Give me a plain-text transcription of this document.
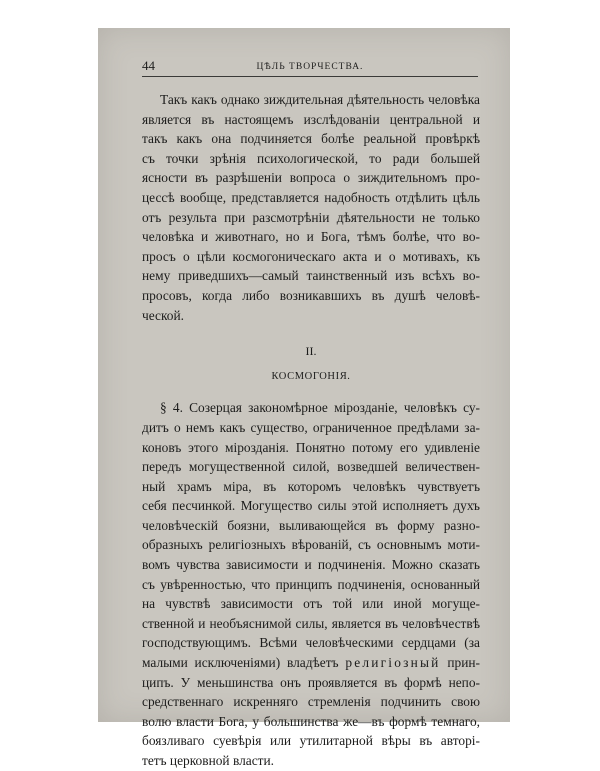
44	ЦѢЛЬ ТВОРЧЕСТВА.
Такъ какъ однако зиждительная дѣятельность человѣка
является въ настоящемъ изслѣдованіи центральной и
такъ какъ она подчиняется болѣе реальной провѣркѣ
съ точки зрѣнія психологической, то ради большей
ясности въ разрѣшеніи вопроса о зиждительномъ про-
цессѣ вообще, представляется надобность отдѣлить цѣль
отъ результа при разсмотрѣніи дѣятельности не только
человѣка и животнаго, но и Бога, тѣмъ болѣе, что во-
просъ о цѣли космогоническаго акта и о мотивахъ, къ
нему приведшихъ—самый таинственный изъ всѣхъ во-
просовъ, когда либо возникавшихъ въ душѣ человѣ-
ческой.
II.
КОСМОГОНІЯ.
§ 4. Созерцая закономѣрное мірозданіе, человѣкъ су-
дитъ о немъ какъ существо, ограниченное предѣлами за-
коновъ этого мірозданія. Понятно потому его удивленіе
передъ могущественной силой, возведшей величествен-
ный храмъ міра, въ которомъ человѣкъ чувствуетъ
себя песчинкой. Могущество силы этой исполняетъ духъ
человѣческій боязни, выливающейся въ форму разно-
образныхъ религіозныхъ вѣрованій, съ основнымъ моти-
вомъ чувства зависимости и подчиненія. Можно сказать
съ увѣренностью, что принципъ подчиненія, основанный
на чувствѣ зависимости отъ той или иной могуще-
ственной и необъяснимой силы, является въ человѣчествѣ
господствующимъ. Всѣми человѣческими сердцами (за
малыми исключеніями) владѣетъ религіозный прин-
ципъ. У меньшинства онъ проявляется въ формѣ непо-
средственнаго искренняго стремленія подчинить свою
волю власти Бога, у большинства же—въ формѣ темнаго,
боязливаго суевѣрія или утилитарной вѣры въ авторі-
тетъ церковной власти.
